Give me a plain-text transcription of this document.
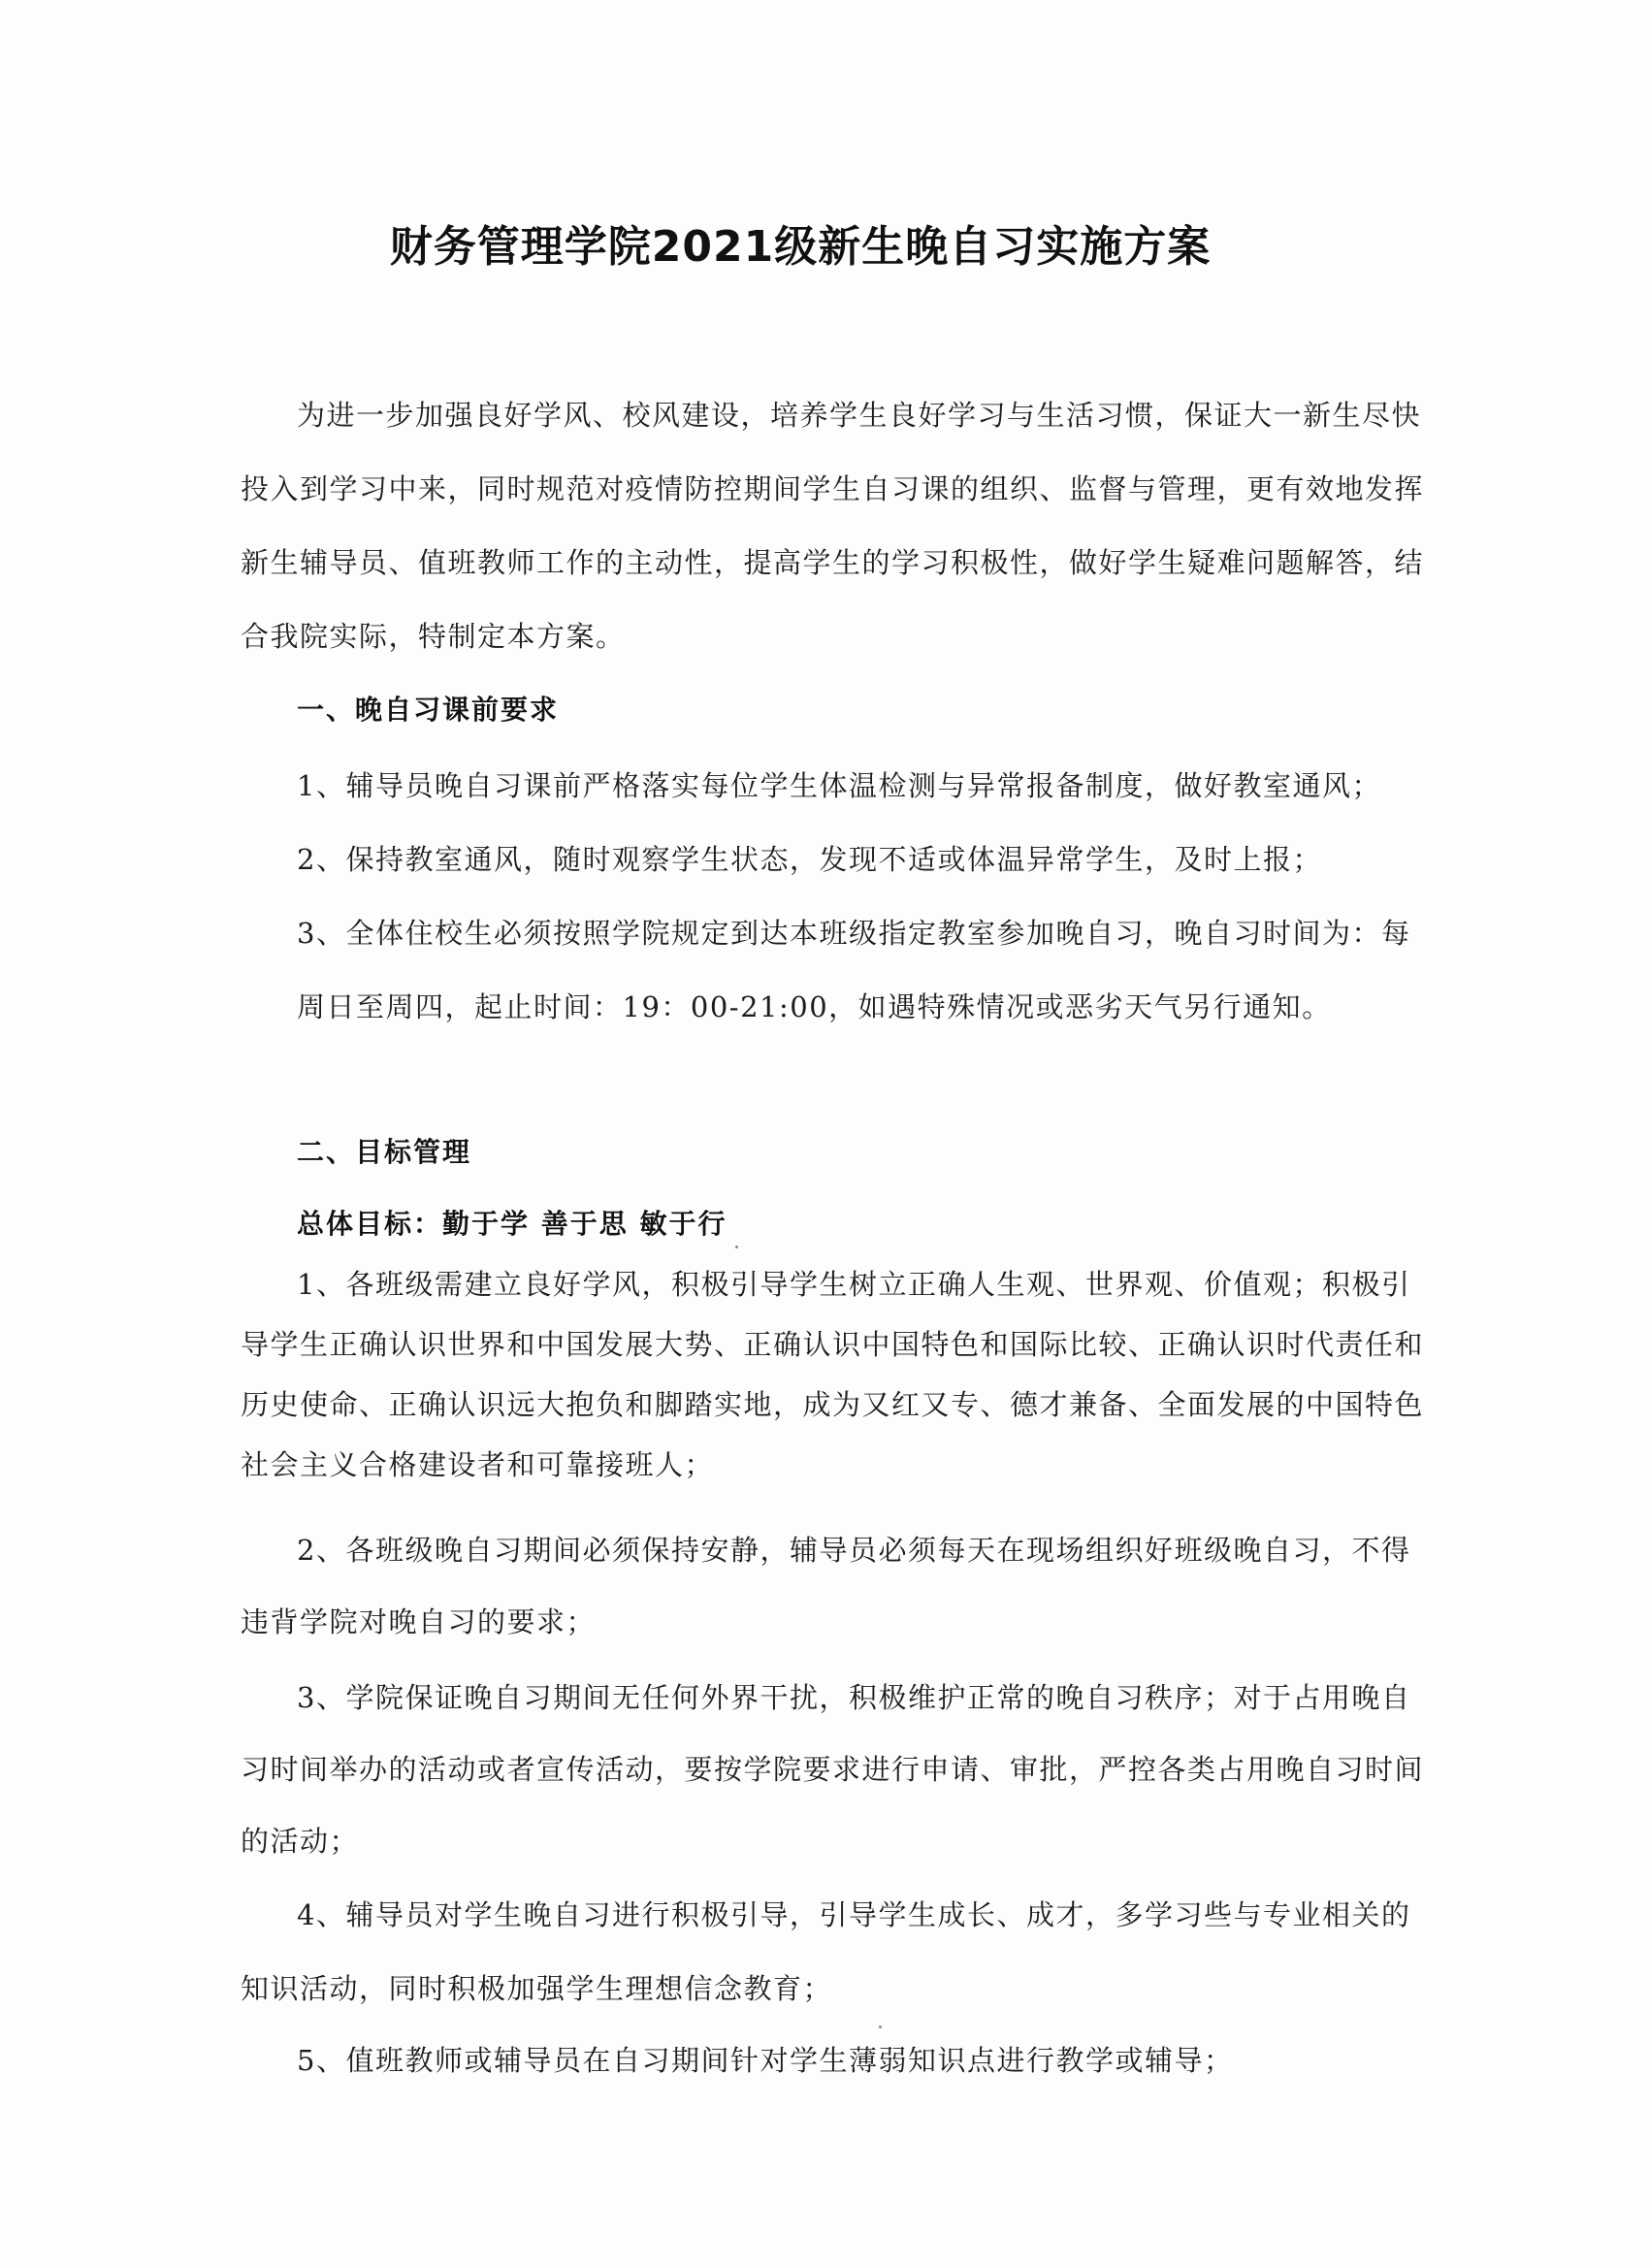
财务管理学院2021级新生晚自习实施方案
为进一步加强良好学风、校风建设，培养学生良好学习与生活习惯，保证大一新生尽快
投入到学习中来，同时规范对疫情防控期间学生自习课的组织、监督与管理，更有效地发挥
新生辅导员、值班教师工作的主动性，提高学生的学习积极性，做好学生疑难问题解答，结
合我院实际，特制定本方案。
一、晚自习课前要求
1、辅导员晚自习课前严格落实每位学生体温检测与异常报备制度，做好教室通风；
2、保持教室通风，随时观察学生状态，发现不适或体温异常学生，及时上报；
3、全体住校生必须按照学院规定到达本班级指定教室参加晚自习，晚自习时间为：每
周日至周四，起止时间：19：00-21:00，如遇特殊情况或恶劣天气另行通知。
二、目标管理
总体目标：勤于学 善于思 敏于行
1、各班级需建立良好学风，积极引导学生树立正确人生观、世界观、价值观；积极引
导学生正确认识世界和中国发展大势、正确认识中国特色和国际比较、正确认识时代责任和
历史使命、正确认识远大抱负和脚踏实地，成为又红又专、德才兼备、全面发展的中国特色
社会主义合格建设者和可靠接班人；
2、各班级晚自习期间必须保持安静，辅导员必须每天在现场组织好班级晚自习，不得
违背学院对晚自习的要求；
3、学院保证晚自习期间无任何外界干扰，积极维护正常的晚自习秩序；对于占用晚自
习时间举办的活动或者宣传活动，要按学院要求进行申请、审批，严控各类占用晚自习时间
的活动；
4、辅导员对学生晚自习进行积极引导，引导学生成长、成才，多学习些与专业相关的
知识活动，同时积极加强学生理想信念教育；
5、值班教师或辅导员在自习期间针对学生薄弱知识点进行教学或辅导；
